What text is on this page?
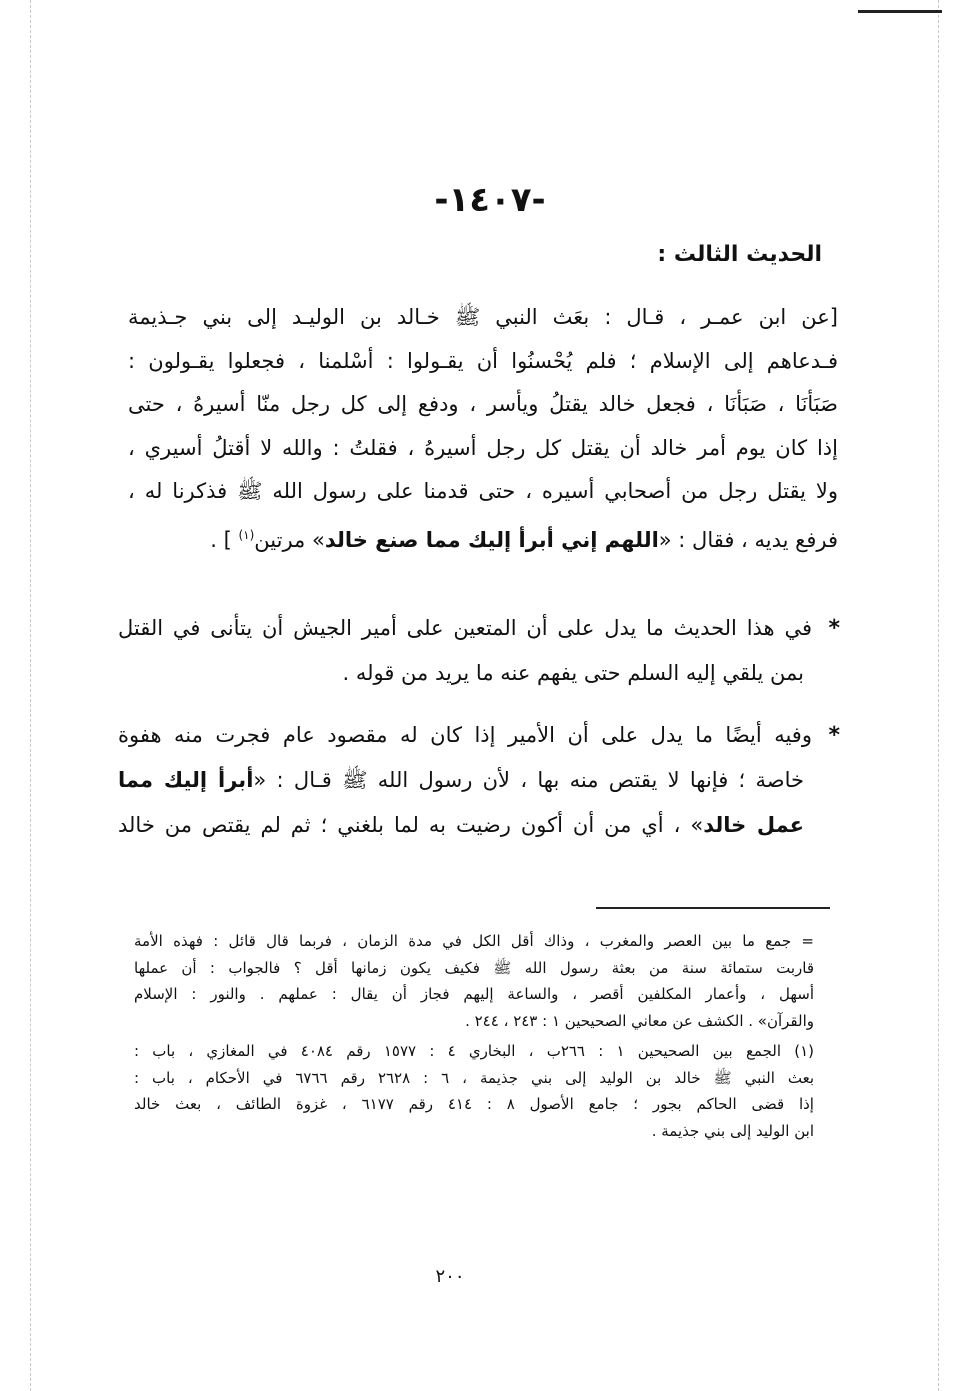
-١٤٠٧-
الحديث الثالث :
[عن ابن عمـر ، قـال : بعَث النبي ﷺ خـالد بن الوليـد إلى بني جـذيمة
فـدعاهم إلى الإسلام ؛ فلم يُحْسنُوا أن يقـولوا : أسْلمنا ، فجعلوا يقـولون :
صَبَأنَا ، صَبَأنَا ، فجعل خالد يقتلُ ويأسر ، ودفع إلى كل رجل منّا أسيرهُ ، حتى
إذا كان يوم أمر خالد أن يقتل كل رجل أسيرهُ ، فقلتُ : والله لا أقتلُ أسيري ،
ولا يقتل رجل من أصحابي أسيره ، حتى قدمنا على رسول الله ﷺ فذكرنا له ،
فرفع يديه ، فقال : «اللهم إني أبرأ إليك مما صنع خالد» مرتين$^{(١)}$ ] .
*في هذا الحديث ما يدل على أن المتعين على أمير الجيش أن يتأنى في القتل
بمن يلقي إليه السلم حتى يفهم عنه ما يريد من قوله .
*وفيه أيضًا ما يدل على أن الأمير إذا كان له مقصود عام فجرت منه هفوة
خاصة ؛ فإنها لا يقتص منه بها ، لأن رسول الله ﷺ قـال : «أبرأ إليك مما
عمل خالد» ، أي من أن أكون رضيت به لما بلغني ؛ ثم لم يقتص من خالد
= جمع ما بين العصر والمغرب ، وذاك أقل الكل في مدة الزمان ، فربما قال قائل : فهذه الأمة
قاربت ستمائة سنة من بعثة رسول الله ﷺ فكيف يكون زمانها أقل ؟ فالجواب : أن عملها
أسهل ، وأعمار المكلفين أقصر ، والساعة إليهم فجاز أن يقال : عملهم . والنور : الإسلام
والقرآن» . الكشف عن معاني الصحيحين ١ : ٢٤٣ ، ٢٤٤ .
(١) الجمع بين الصحيحين ١ : ٢٦٦ب ، البخاري ٤ : ١٥٧٧ رقم ٤٠٨٤ في المغازي ، باب :
بعث النبي ﷺ خالد بن الوليد إلى بني جذيمة ، ٦ : ٢٦٢٨ رقم ٦٧٦٦ في الأحكام ، باب :
إذا قضى الحاكم بجور ؛ جامع الأصول ٨ : ٤١٤ رقم ٦١٧٧ ، غزوة الطائف ، بعث خالد
ابن الوليد إلى بني جذيمة .
٢٠٠
